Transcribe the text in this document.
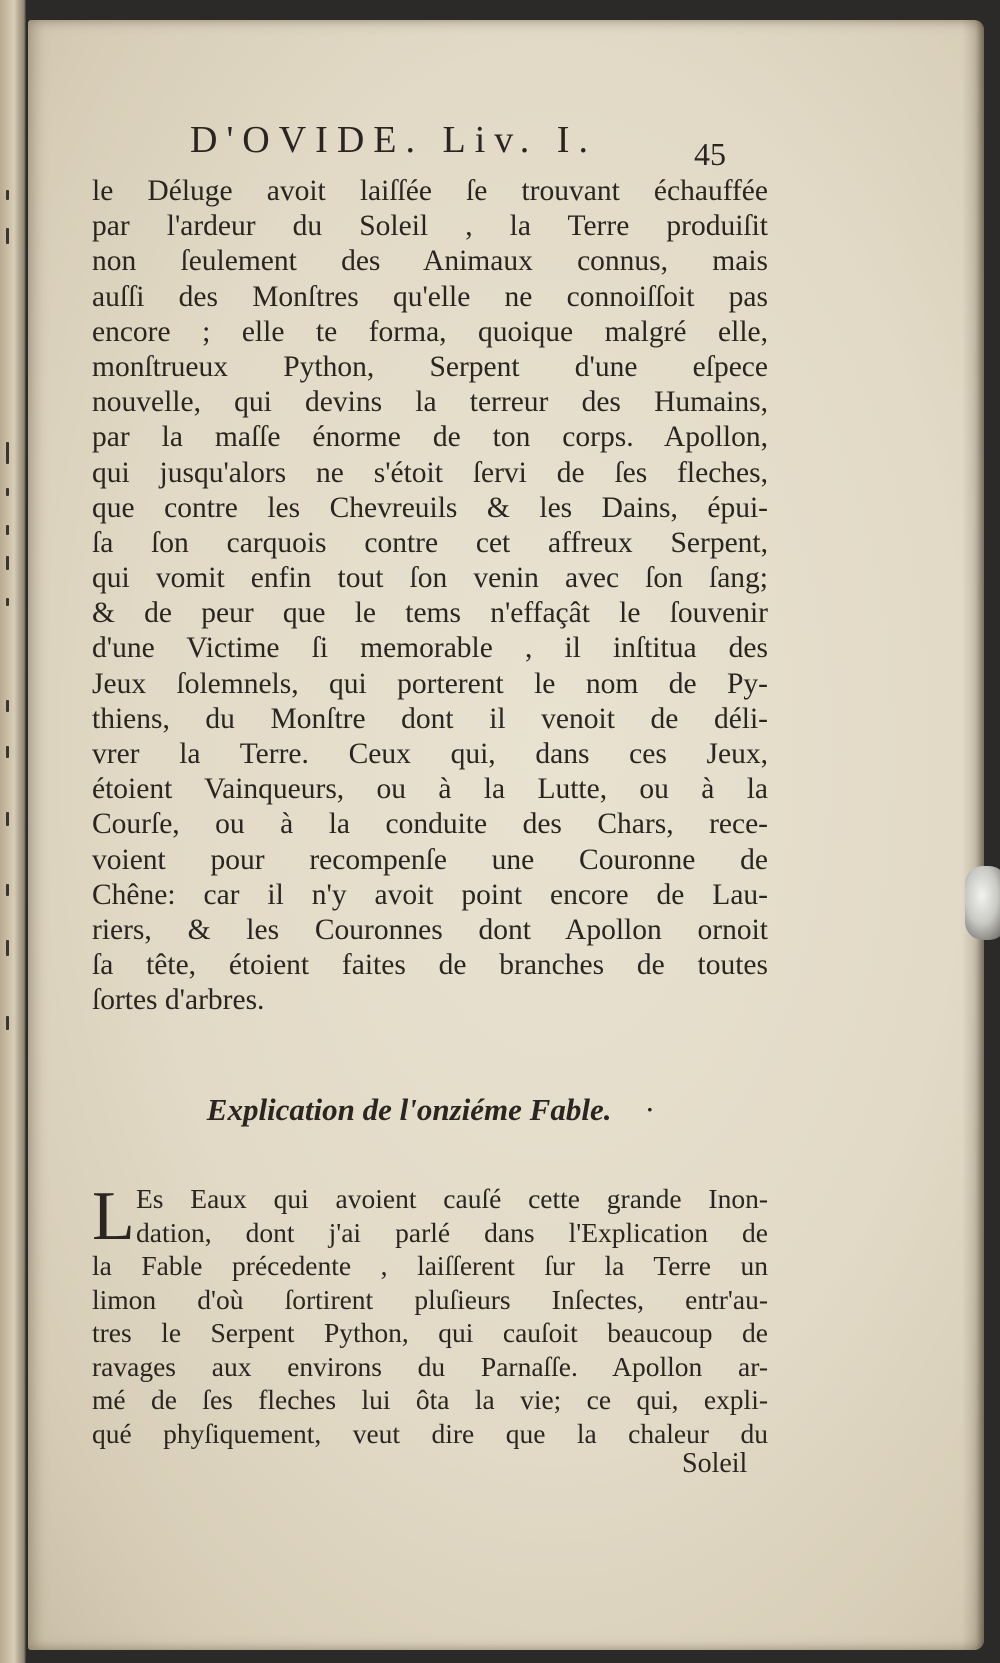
D'OVIDE. Liv. I.	45
le Déluge avoit laiſſée ſe trouvant échauffée
par l'ardeur du Soleil , la Terre produiſit
non ſeulement des Animaux connus, mais
auſſi des Monſtres qu'elle ne connoiſſoit pas
encore ; elle te forma, quoique malgré elle,
monſtrueux Python, Serpent d'une eſpece
nouvelle, qui devins la terreur des Humains,
par la maſſe énorme de ton corps. Apollon,
qui jusqu'alors ne s'étoit ſervi de ſes fleches,
que contre les Chevreuils & les Dains, épui-
ſa ſon carquois contre cet affreux Serpent,
qui vomit enfin tout ſon venin avec ſon ſang;
& de peur que le tems n'effaçât le ſouvenir
d'une Victime ſi memorable , il inſtitua des
Jeux ſolemnels, qui porterent le nom de Py-
thiens, du Monſtre dont il venoit de déli-
vrer la Terre. Ceux qui, dans ces Jeux,
étoient Vainqueurs, ou à la Lutte, ou à la
Courſe, ou à la conduite des Chars, rece-
voient pour recompenſe une Couronne de
Chêne: car il n'y avoit point encore de Lau-
riers, & les Couronnes dont Apollon ornoit
ſa tête, étoient faites de branches de toutes
ſortes d'arbres.
Explication de l'onziéme Fable. ·
L Es Eaux qui avoient cauſé cette grande Inon-
dation, dont j'ai parlé dans l'Explication de
la Fable précedente , laiſſerent ſur la Terre un
limon d'où ſortirent pluſieurs Inſectes, entr'au-
tres le Serpent Python, qui cauſoit beaucoup de
ravages aux environs du Parnaſſe. Apollon ar-
mé de ſes fleches lui ôta la vie; ce qui, expli-
qué phyſiquement, veut dire que la chaleur du
Soleil
